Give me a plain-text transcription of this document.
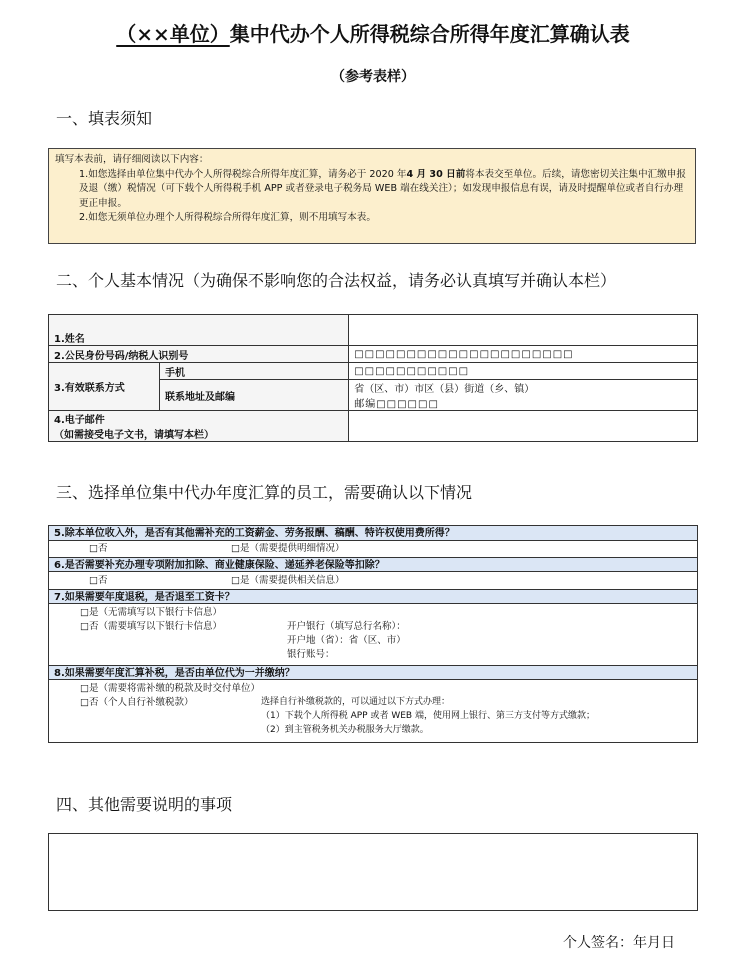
（××单位）集中代办个人所得税综合所得年度汇算确认表
（参考表样）
一、填表须知

填写本表前，请仔细阅读以下内容：

1.如您选择由单位集中代办个人所得税综合所得年度汇算，请务必于 2020 年4 月 30 日前将本表交至单位。后续，请您密切关注集中汇缴申报及退（缴）税情况（可下载个人所得税手机 APP 或者登录电子税务局 WEB 端在线关注）；如发现申报信息有误，请及时提醒单位或者自行办理更正申报。

2.如您无须单位办理个人所得税综合所得年度汇算，则不用填写本表。

二、个人基本情况（为确保不影响您的合法权益，请务必认真填写并确认本栏）
1.姓名		
2.公民身份号码/纳税人识别号		□□□□□□□□□□□□□□□□□□□□□
3.有效联系方式	手机	□□□□□□□□□□□
	联系地址及邮编	省（区、市）市区（县）街道（乡、镇）
邮编□□□□□□

4.电子邮件
（如需接受电子文书，请填写本栏）		

三、选择单位集中代办年度汇算的员工，需要确认以下情况
5.除本单位收入外，是否有其他需补充的工资薪金、劳务报酬、稿酬、特许权使用费所得？
□否	□是（需要提供明细情况）
6.是否需要补充办理专项附加扣除、商业健康保险、递延养老保险等扣除？
□否	□是（需要提供相关信息）
7.如果需要年度退税，是否退至工资卡？
□是（无需填写以下银行卡信息）
□否（需要填写以下银行卡信息）	开户银行（填写总行名称）：
开户地（省）：省（区、市）
银行账号：
8.如果需要年度汇算补税，是否由单位代为一并缴纳？
□是（需要将需补缴的税款及时交付单位）
□否（个人自行补缴税款）	选择自行补缴税款的，可以通过以下方式办理：
（1）下载个人所得税 APP 或者 WEB 端，使用网上银行、第三方支付等方式缴款；
（2）到主管税务机关办税服务大厅缴款。
四、其他需要说明的事项
个人签名：年月日
